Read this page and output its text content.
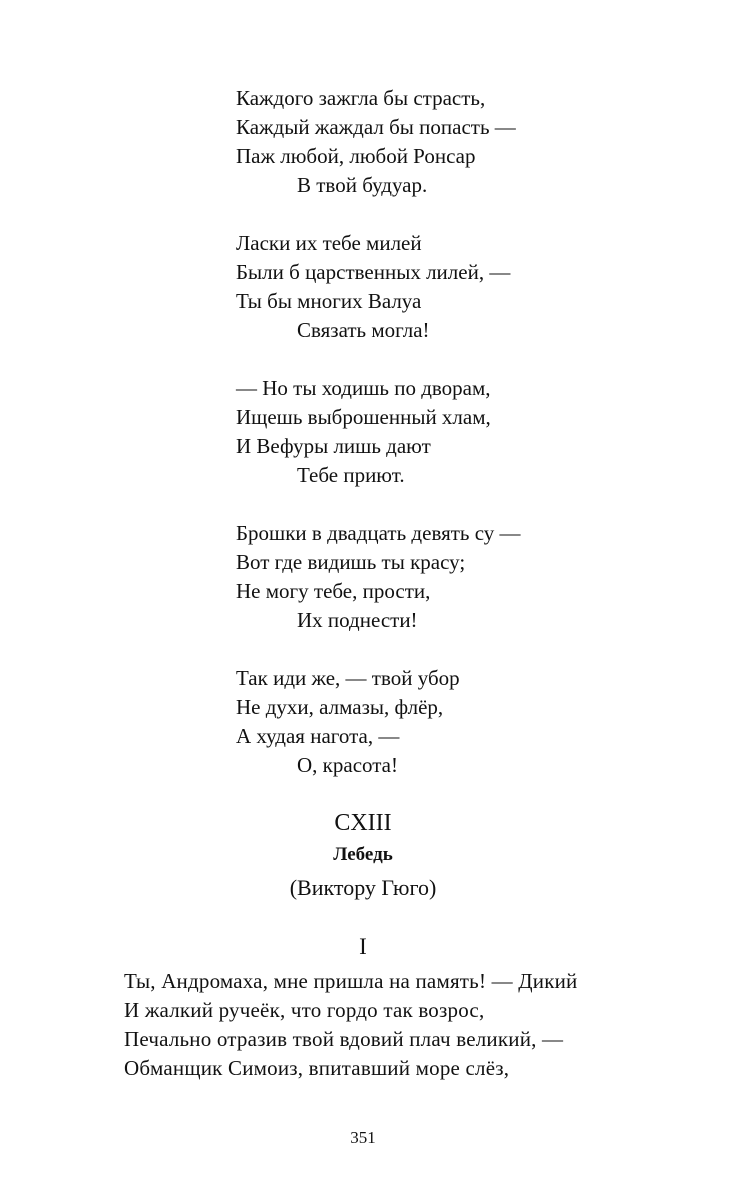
Каждого зажгла бы страсть,
Каждый жаждал бы попасть —
Паж любой, любой Ронсар
В твой будуар.
Ласки их тебе милей
Были б царственных лилей, —
Ты бы многих Валуа
Связать могла!
— Но ты ходишь по дворам,
Ищешь выброшенный хлам,
И Вефуры лишь дают
Тебе приют.
Брошки в двадцать девять су —
Вот где видишь ты красу;
Не могу тебе, прости,
Их поднести!
Так иди же, — твой убор
Не духи, алмазы, флёр,
А худая нагота, —
О, красота!
CXIII
Лебедь
(Виктору Гюго)
I
Ты, Андромаха, мне пришла на память! — Дикий
И жалкий ручеёк, что гордо так возрос,
Печально отразив твой вдовий плач великий, —
Обманщик Симоиз, впитавший море слёз,
351
